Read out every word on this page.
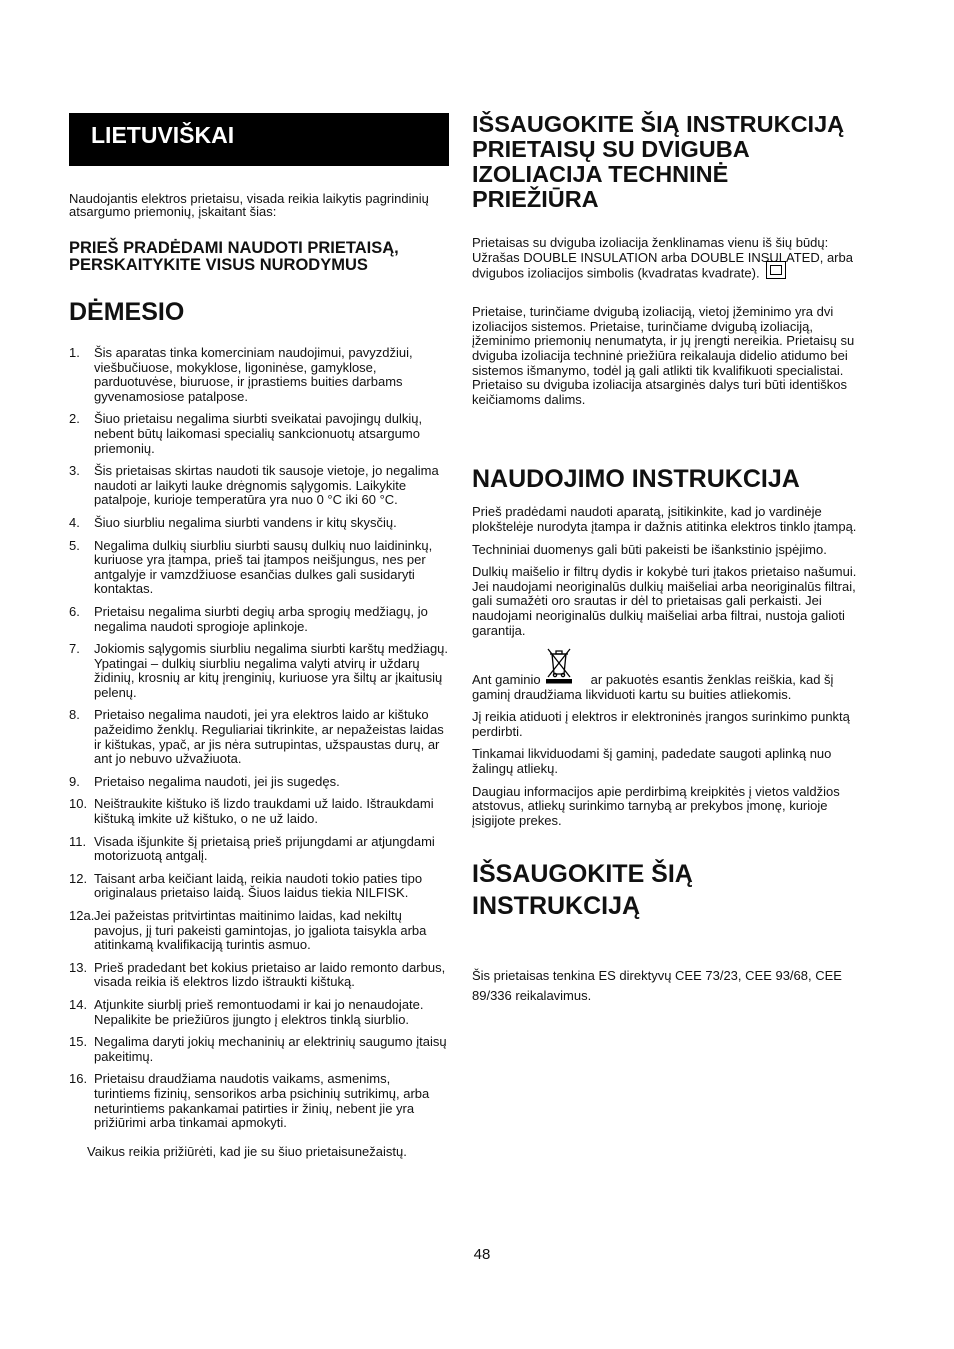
LIETUVIŠKAI
Naudojantis elektros prietaisu, visada reikia laikytis pagrindinių atsargumo priemonių, įskaitant šias:
PRIEŠ PRADĖDAMI NAUDOTI PRIETAISĄ, PERSKAITYKITE VISUS NURODYMUS
DĖMESIO
1. Šis aparatas tinka komerciniam naudojimui, pavyzdžiui, viešbučiuose, mokyklose, ligoninėse, gamyklose, parduotuvėse, biuruose, ir įprastiems buities darbams gyvenamosiose patalpose.
2. Šiuo prietaisu negalima siurbti sveikatai pavojingų dulkių, nebent būtų laikomasi specialių sankcionuotų atsargumo priemonių.
3. Šis prietaisas skirtas naudoti tik sausoje vietoje, jo negalima naudoti ar laikyti lauke drėgnomis sąlygomis. Laikykite patalpoje, kurioje temperatūra yra nuo 0 °C iki 60 °C.
4. Šiuo siurbliu negalima siurbti vandens ir kitų skysčių.
5. Negalima dulkių siurbliu siurbti sausų dulkių nuo laidininkų, kuriuose yra įtampa, prieš tai įtampos neišjungus, nes per antgalyje ir vamzdžiuose esančias dulkes gali susidaryti kontaktas.
6. Prietaisu negalima siurbti degių arba sprogių medžiagų, jo negalima naudoti sprogioje aplinkoje.
7. Jokiomis sąlygomis siurbliu negalima siurbti karštų medžiagų. Ypatingai – dulkių siurbliu negalima valyti atvirų ir uždarų židinių, krosnių ar kitų įrenginių, kuriuose yra šiltų ar įkaitusių pelenų.
8. Prietaiso negalima naudoti, jei yra elektros laido ar kištuko pažeidimo ženklų. Reguliariai tikrinkite, ar nepažeistas laidas ir kištukas, ypač, ar jis nėra sutrupintas, užspaustas durų, ar ant jo nebuvo užvažiuota.
9. Prietaiso negalima naudoti, jei jis sugedęs.
10. Neištraukite kištuko iš lizdo traukdami už laido. Ištraukdami kištuką imkite už kištuko, o ne už laido.
11. Visada išjunkite šį prietaisą prieš prijungdami ar atjungdami motorizuotą antgalį.
12. Taisant arba keičiant laidą, reikia naudoti tokio paties tipo originalaus prietaiso laidą. Šiuos laidus tiekia NILFISK.
12a. Jei pažeistas pritvirtintas maitinimo laidas, kad nekiltų pavojus, jį turi pakeisti gamintojas, jo įgaliota taisykla arba atitinkamą kvalifikaciją turintis asmuo.
13. Prieš pradedant bet kokius prietaiso ar laido remonto darbus, visada reikia iš elektros lizdo ištraukti kištuką.
14. Atjunkite siurblį prieš remontuodami ir kai jo nenaudojate. Nepalikite be priežiūros įjungto į elektros tinklą siurblio.
15. Negalima daryti jokių mechaninių ar elektrinių saugumo įtaisų pakeitimų.
16. Prietaisu draudžiama naudotis vaikams, asmenims, turintiems fizinių, sensorikos arba psichinių sutrikimų, arba neturintiems pakankamai patirties ir žinių, nebent jie yra prižiūrimi arba tinkamai apmokyti.
Vaikus reikia prižiūrėti, kad jie su šiuo prietaisunežaistų.
IŠSAUGOKITE ŠIĄ INSTRUKCIJĄ PRIETAISŲ SU DVIGUBA IZOLIACIJA TECHNINĖ PRIEŽIŪRA

Prietaisas su dviguba izoliacija ženklinamas vienu iš šių būdų: Užrašas DOUBLE INSULATION arba DOUBLE INSULATED, arba dvigubos izoliacijos simbolis (kvadratas kvadrate).

Prietaise, turinčiame dvigubą izoliaciją, vietoj įžeminimo yra dvi izoliacijos sistemos. Prietaise, turinčiame dvigubą izoliaciją, įžeminimo priemonių nenumatyta, ir jų įrengti nereikia. Prietaisų su dviguba izoliacija techninė priežiūra reikalauja didelio atidumo bei sistemos išmanymo, todėl ją gali atlikti tik kvalifikuoti specialistai. Prietaiso su dviguba izoliacija atsarginės dalys turi būti identiškos keičiamoms dalims.

NAUDOJIMO INSTRUKCIJA

Prieš pradėdami naudoti aparatą, įsitikinkite, kad jo vardinėje plokštelėje nurodyta įtampa ir dažnis atitinka elektros tinklo įtampą.

Techniniai duomenys gali būti pakeisti be išankstinio įspėjimo.

Dulkių maišelio ir filtrų dydis ir kokybė turi įtakos prietaiso našumui. Jei naudojami neoriginalūs dulkių maišeliai arba neoriginalūs filtrai, gali sumažėti oro srautas ir dėl to prietaisas gali perkaisti. Jei naudojami neoriginalūs dulkių maišeliai arba filtrai, nustoja galioti garantija.

Ant gaminio	ar pakuotės esantis ženklas reiškia, kad šį gaminį draudžiama likviduoti kartu su buities atliekomis.

Jį reikia atiduoti į elektros ir elektroninės įrangos surinkimo punktą perdirbti.

Tinkamai likviduodami šį gaminį, padedate saugoti aplinką nuo žalingų atliekų.

Daugiau informacijos apie perdirbimą kreipkitės į vietos valdžios atstovus, atliekų surinkimo tarnybą ar prekybos įmonę, kurioje įsigijote prekes.

IŠSAUGOKITE ŠIĄ INSTRUKCIJĄ

Šis prietaisas tenkina ES direktyvų CEE 73/23, CEE 93/68, CEE 89/336 reikalavimus.

48
